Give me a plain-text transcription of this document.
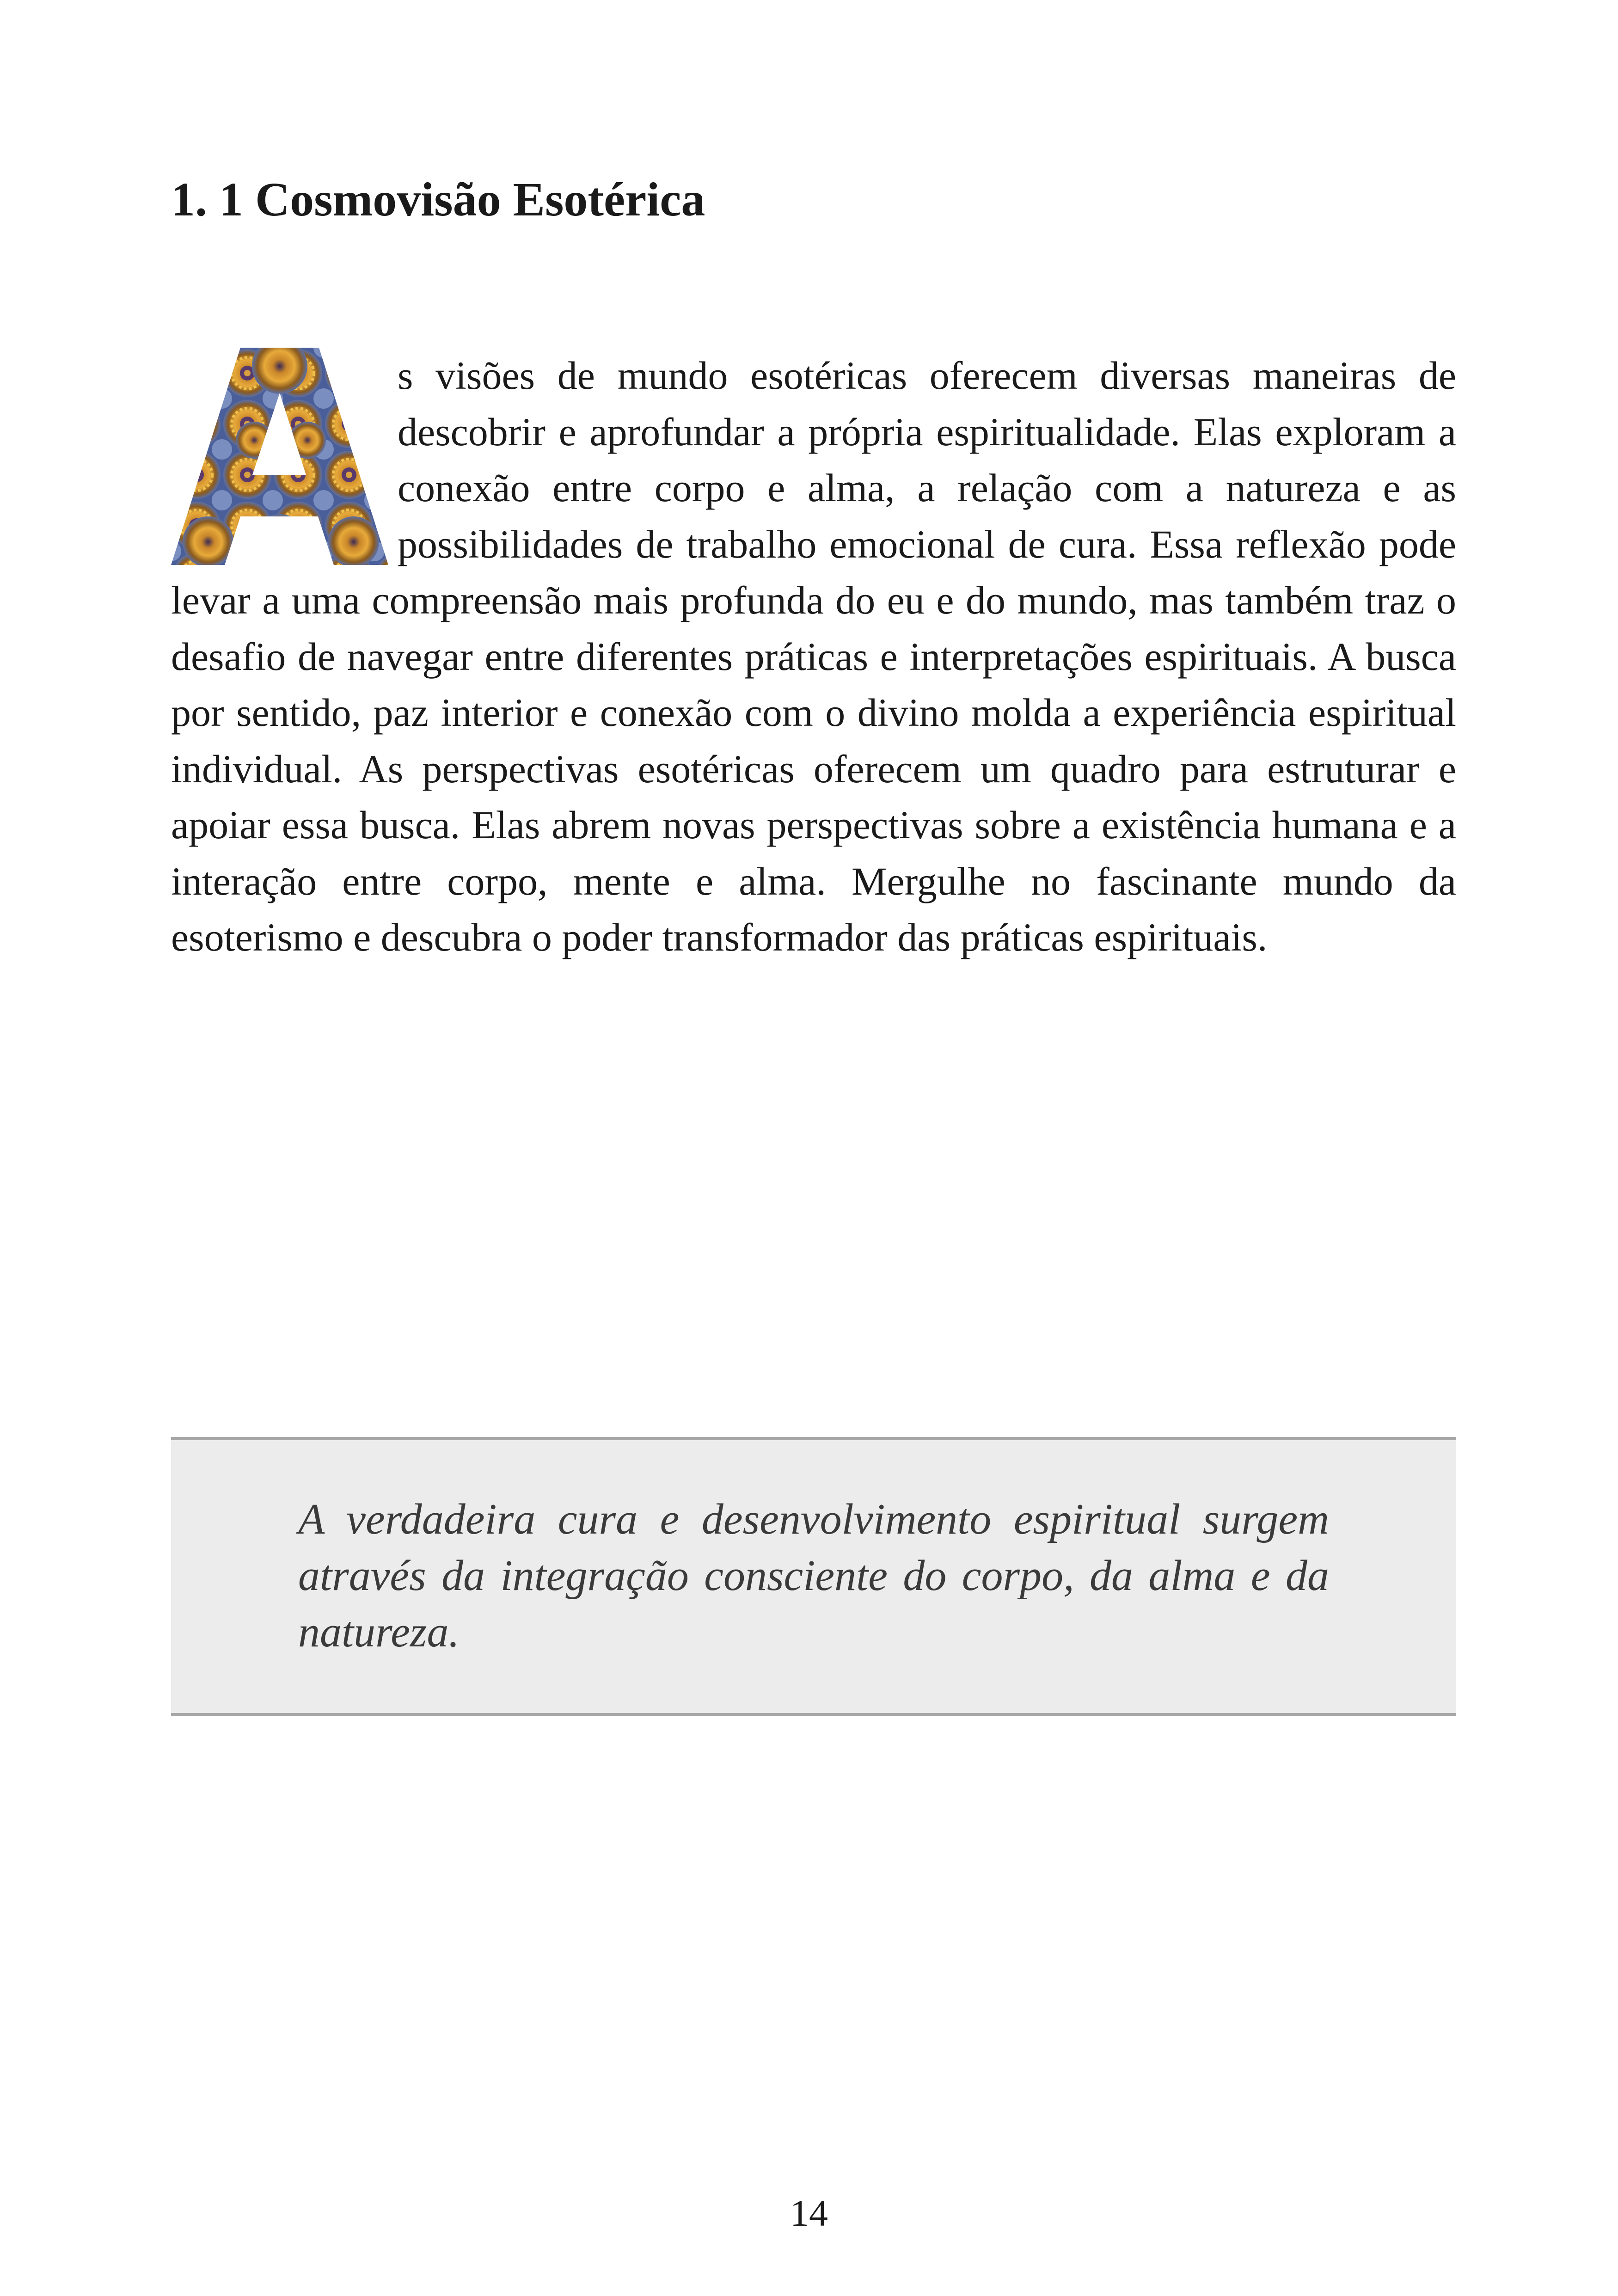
1. 1 Cosmovisão Esotérica
s visões de mundo esotéricas oferecem diversas maneiras de descobrir e aprofundar a própria espiritualidade. Elas exploram a conexão entre corpo e alma, a relação com a natureza e as possibilidades de trabalho emocional de cura. Essa reflexão pode levar a uma compreensão mais profunda do eu e do mundo, mas também traz o desafio de navegar entre diferentes práticas e interpretações espirituais. A busca por sentido, paz interior e conexão com o divino molda a experiência espiritual individual. As perspectivas esotéricas oferecem um quadro para estruturar e apoiar essa busca. Elas abrem novas perspectivas sobre a existência humana e a interação entre corpo, mente e alma. Mergulhe no fascinante mundo da esoterismo e descubra o poder transformador das práticas espirituais.

A verdadeira cura e desenvolvimento espiritual surgem através da integração consciente do corpo, da alma e da natureza.

14
